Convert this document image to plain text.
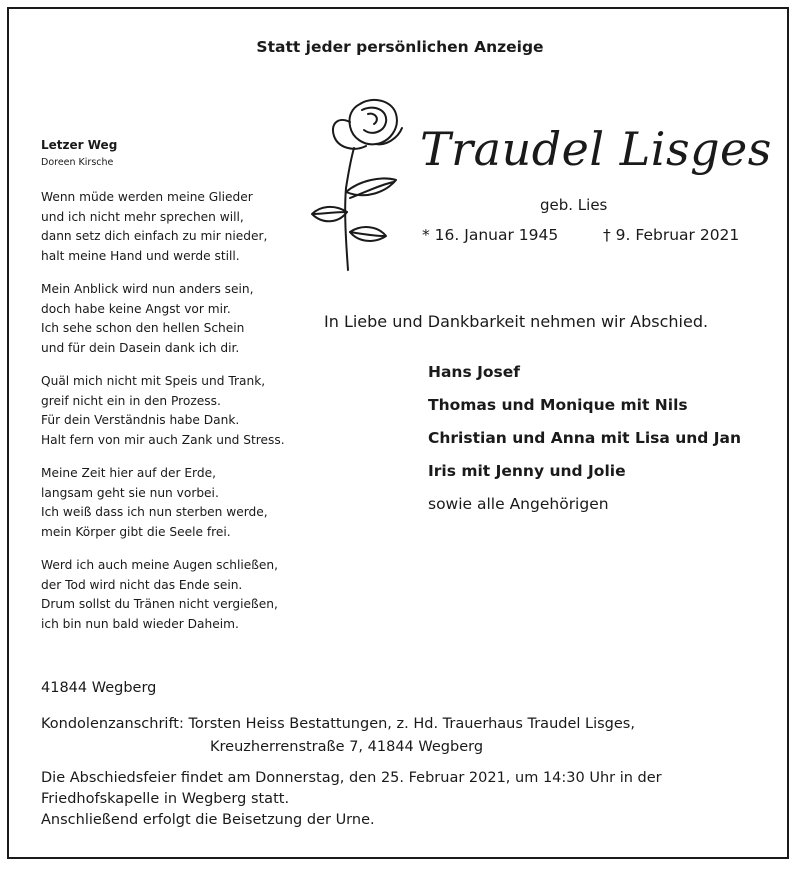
Statt jeder persönlichen Anzeige
Letzer Weg
Doreen Kirsche
Wenn müde werden meine Glieder
und ich nicht mehr sprechen will,
dann setz dich einfach zu mir nieder,
halt meine Hand und werde still.
Mein Anblick wird nun anders sein,
doch habe keine Angst vor mir.
Ich sehe schon den hellen Schein
und für dein Dasein dank ich dir.
Quäl mich nicht mit Speis und Trank,
greif nicht ein in den Prozess.
Für dein Verständnis habe Dank.
Halt fern von mir auch Zank und Stress.
Meine Zeit hier auf der Erde,
langsam geht sie nun vorbei.
Ich weiß dass ich nun sterben werde,
mein Körper gibt die Seele frei.
Werd ich auch meine Augen schließen,
der Tod wird nicht das Ende sein.
Drum sollst du Tränen nicht vergießen,
ich bin nun bald wieder Daheim.
Traudel Lisges
geb. Lies
* 16. Januar 1945	† 9. Februar 2021
In Liebe und Dankbarkeit nehmen wir Abschied.
Hans Josef
Thomas und Monique mit Nils
Christian und Anna mit Lisa und Jan
Iris mit Jenny und Jolie
sowie alle Angehörigen
41844 Wegberg
Kondolenzanschrift: Torsten Heiss Bestattungen, z. Hd. Trauerhaus Traudel Lisges,
Kreuzherrenstraße 7, 41844 Wegberg
Die Abschiedsfeier findet am Donnerstag, den 25. Februar 2021, um 14:30 Uhr in der
Friedhofskapelle in Wegberg statt.
Anschließend erfolgt die Beisetzung der Urne.
